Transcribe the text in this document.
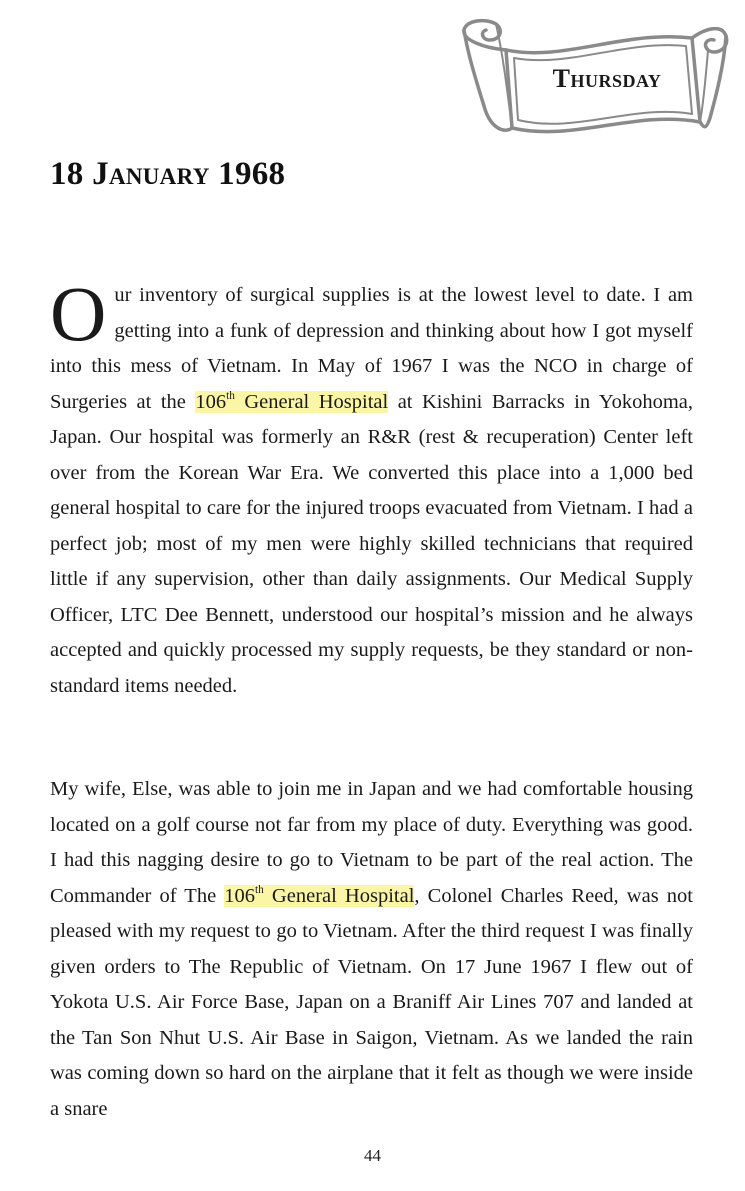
Thursday
18 January 1968

Our inventory of surgical supplies is at the lowest level to date. I am getting into a funk of depression and thinking about how I got myself into this mess of Vietnam. In May of 1967 I was the NCO in charge of Surgeries at the 106th General Hospital at Kishini Barracks in Yokohoma, Japan. Our hospital was formerly an R&R (rest & recuperation) Center left over from the Korean War Era. We converted this place into a 1,000 bed general hospital to care for the injured troops evacuated from Vietnam. I had a perfect job; most of my men were highly skilled technicians that required little if any supervision, other than daily assignments. Our Medical Supply Officer, LTC Dee Bennett, understood our hospital’s mission and he always accepted and quickly processed my supply requests, be they standard or non-standard items needed.

My wife, Else, was able to join me in Japan and we had comfortable housing located on a golf course not far from my place of duty. Everything was good. I had this nagging desire to go to Vietnam to be part of the real action. The Commander of The 106th General Hospital, Colonel Charles Reed, was not pleased with my request to go to Vietnam. After the third request I was finally given orders to The Republic of Vietnam. On 17 June 1967 I flew out of Yokota U.S. Air Force Base, Japan on a Braniff Air Lines 707 and landed at the Tan Son Nhut U.S. Air Base in Saigon, Vietnam. As we landed the rain was coming down so hard on the airplane that it felt as though we were inside a snare

44
